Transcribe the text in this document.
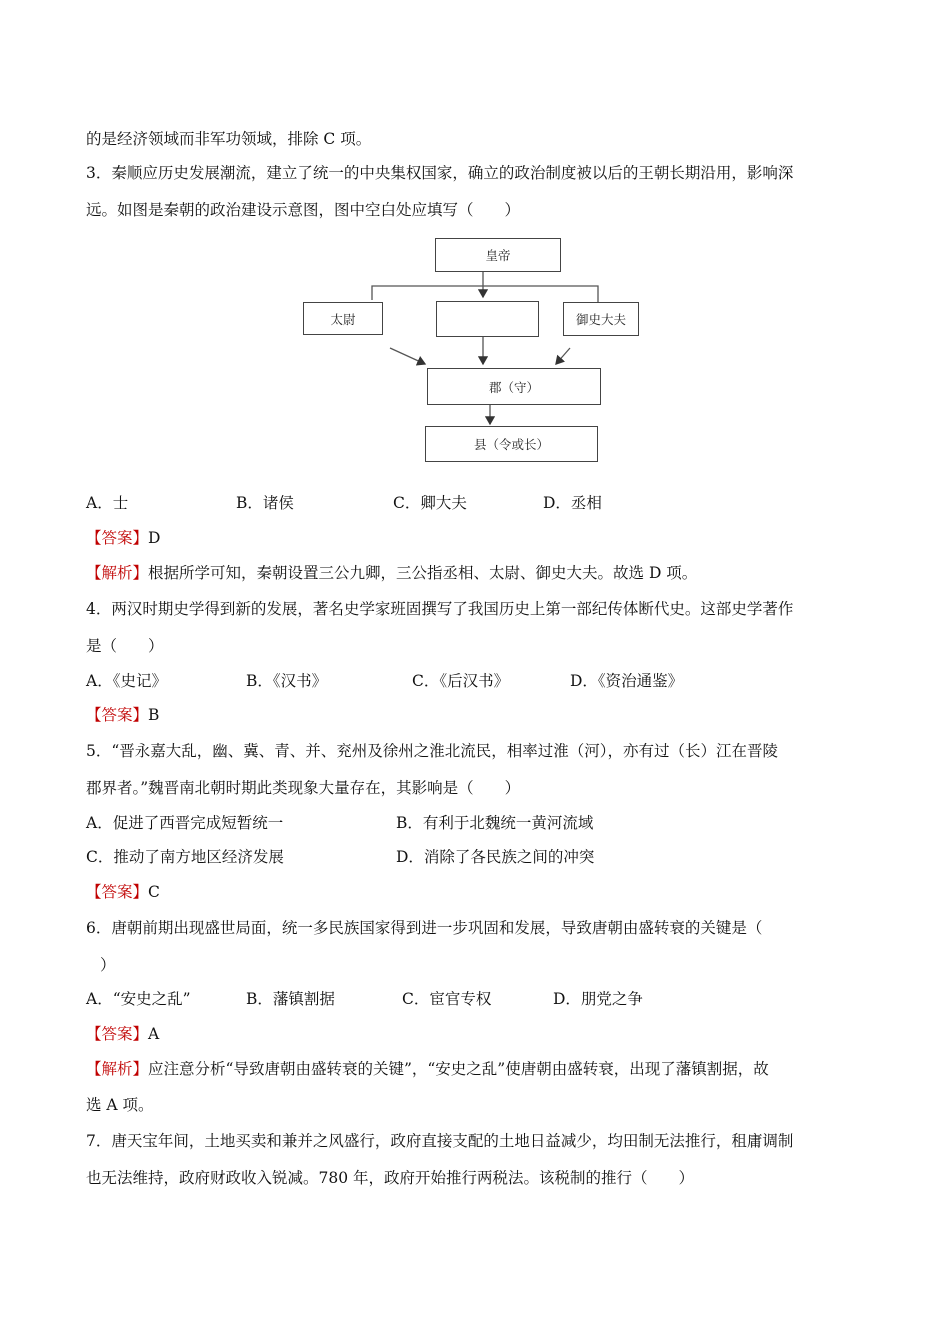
的是经济领域而非军功领域，排除 C 项。
3．秦顺应历史发展潮流，建立了统一的中央集权国家，确立的政治制度被以后的王朝长期沿用，影响深
远。如图是秦朝的政治建设示意图，图中空白处应填写（　　）
皇帝
太尉	御史大夫
郡（守）
县（令或长）
A．士	B．诸侯	C．卿大夫	D．丞相
【答案】D
【解析】根据所学可知，秦朝设置三公九卿，三公指丞相、太尉、御史大夫。故选 D 项。
4．两汉时期史学得到新的发展，著名史学家班固撰写了我国历史上第一部纪传体断代史。这部史学著作
是（　　）
A．《史记》	B．《汉书》	C．《后汉书》	D．《资治通鉴》
【答案】B
5．“晋永嘉大乱，幽、冀、青、并、兖州及徐州之淮北流民，相率过淮（河），亦有过（长）江在晋陵
郡界者。”魏晋南北朝时期此类现象大量存在，其影响是（　　）
A．促进了西晋完成短暂统一	B．有利于北魏统一黄河流域
C．推动了南方地区经济发展	D．消除了各民族之间的冲突
【答案】C
6．唐朝前期出现盛世局面，统一多民族国家得到进一步巩固和发展，导致唐朝由盛转衰的关键是（
）
A．“安史之乱”	B．藩镇割据	C．宦官专权	D．朋党之争
【答案】A
【解析】应注意分析“导致唐朝由盛转衰的关键”，“安史之乱”使唐朝由盛转衰，出现了藩镇割据，故
选 A 项。
7．唐天宝年间，土地买卖和兼并之风盛行，政府直接支配的土地日益减少，均田制无法推行，租庸调制
也无法维持，政府财政收入锐减。780 年，政府开始推行两税法。该税制的推行（　　）
